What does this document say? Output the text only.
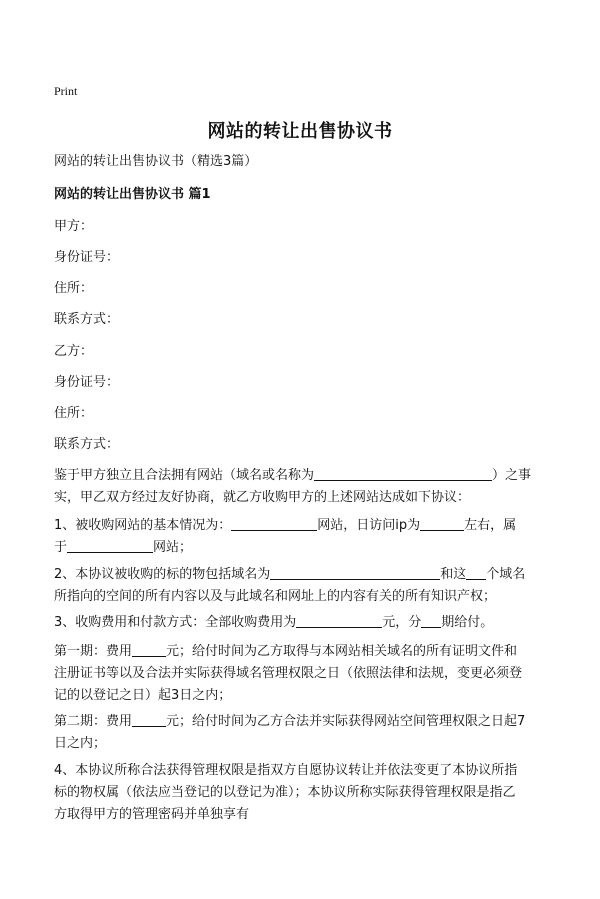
Print
网站的转让出售协议书
网站的转让出售协议书（精选3篇）
网站的转让出售协议书 篇1
甲方：
身份证号：
住所：
联系方式：
乙方：
身份证号：
住所：
联系方式：
鉴于甲方独立且合法拥有网站（域名或名称为	）之事
实，甲乙双方经过友好协商，就乙方收购甲方的上述网站达成如下协议：
1、被收购网站的基本情况为：	网站，日访问ip为	左右，属
于	网站；
2、本协议被收购的标的物包括域名为	和这 个域名
所指向的空间的所有内容以及与此域名和网址上的内容有关的所有知识产权；
3、收购费用和付款方式：全部收购费用为	元，分 期给付。
第一期：费用	元；给付时间为乙方取得与本网站相关域名的所有证明文件和
注册证书等以及合法并实际获得域名管理权限之日（依照法律和法规，变更必须登
记的以登记之日）起3日之内；
第二期：费用	元；给付时间为乙方合法并实际获得网站空间管理权限之日起7
日之内；
4、本协议所称合法获得管理权限是指双方自愿协议转让并依法变更了本协议所指
标的物权属（依法应当登记的以登记为准）；本协议所称实际获得管理权限是指乙
方取得甲方的管理密码并单独享有
